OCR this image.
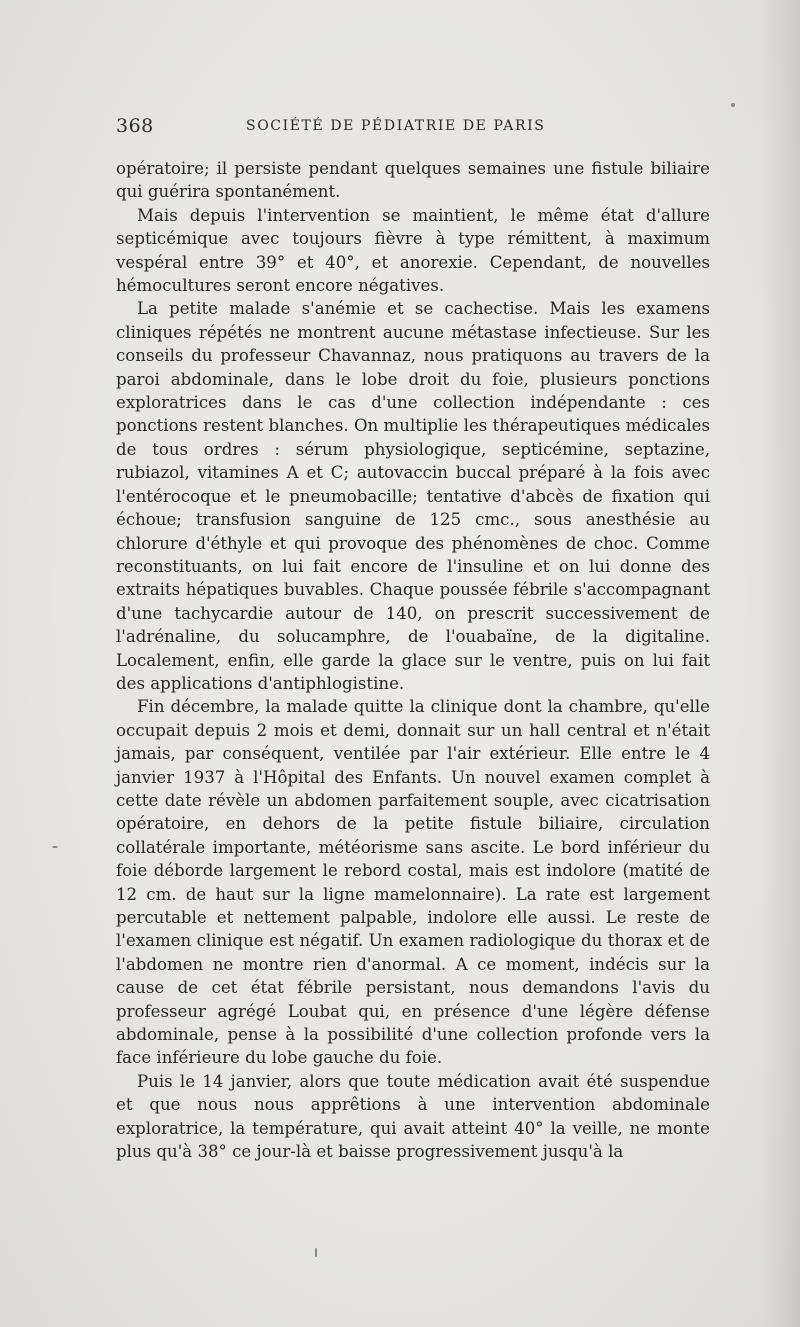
368	SOCIÉTÉ DE PÉDIATRIE DE PARIS

opératoire; il persiste pendant quelques semaines une fistule biliaire qui guérira spontanément.

Mais depuis l'intervention se maintient, le même état d'allure septicémique avec toujours fièvre à type rémittent, à maximum vespéral entre 39° et 40°, et anorexie. Cependant, de nouvelles hémocultures seront encore négatives.

La petite malade s'anémie et se cachectise. Mais les examens cliniques répétés ne montrent aucune métastase infectieuse. Sur les conseils du professeur Chavannaz, nous pratiquons au travers de la paroi abdominale, dans le lobe droit du foie, plusieurs ponctions exploratrices dans le cas d'une collection indépendante : ces ponctions restent blanches. On multiplie les thérapeutiques médicales de tous ordres : sérum physiologique, septicémine, septazine, rubiazol, vitamines A et C; autovaccin buccal préparé à la fois avec l'entérocoque et le pneumobacille; tentative d'abcès de fixation qui échoue; transfusion sanguine de 125 cmc., sous anesthésie au chlorure d'éthyle et qui provoque des phénomènes de choc. Comme reconstituants, on lui fait encore de l'insuline et on lui donne des extraits hépatiques buvables. Chaque poussée fébrile s'accompagnant d'une tachycardie autour de 140, on prescrit successivement de l'adrénaline, du solucamphre, de l'ouabaïne, de la digitaline. Localement, enfin, elle garde la glace sur le ventre, puis on lui fait des applications d'antiphlogistine.

Fin décembre, la malade quitte la clinique dont la chambre, qu'elle occupait depuis 2 mois et demi, donnait sur un hall central et n'était jamais, par conséquent, ventilée par l'air extérieur. Elle entre le 4 janvier 1937 à l'Hôpital des Enfants. Un nouvel examen complet à cette date révèle un abdomen parfaitement souple, avec cicatrisation opératoire, en dehors de la petite fistule biliaire, circulation collatérale importante, météorisme sans ascite. Le bord inférieur du foie déborde largement le rebord costal, mais est indolore (matité de 12 cm. de haut sur la ligne mamelonnaire). La rate est largement percutable et nettement palpable, indolore elle aussi. Le reste de l'examen clinique est négatif. Un examen radiologique du thorax et de l'abdomen ne montre rien d'anormal. A ce moment, indécis sur la cause de cet état fébrile persistant, nous demandons l'avis du professeur agrégé Loubat qui, en présence d'une légère défense abdominale, pense à la possibilité d'une collection profonde vers la face inférieure du lobe gauche du foie.

Puis le 14 janvier, alors que toute médication avait été suspendue et que nous nous apprêtions à une intervention abdominale exploratrice, la température, qui avait atteint 40° la veille, ne monte plus qu'à 38° ce jour-là et baisse progressivement jusqu'à la
